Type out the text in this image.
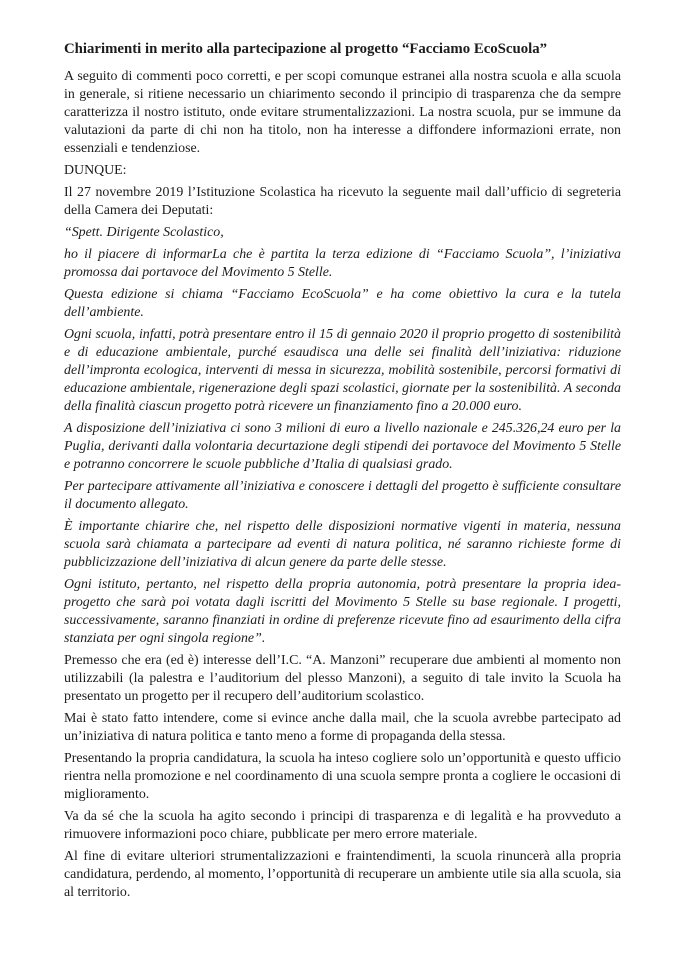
Chiarimenti in merito alla partecipazione al progetto “Facciamo EcoScuola”

A seguito di commenti poco corretti, e per scopi comunque estranei alla nostra scuola e alla scuola in generale, si ritiene necessario un chiarimento secondo il principio di trasparenza che da sempre caratterizza il nostro istituto, onde evitare strumentalizzazioni. La nostra scuola, pur se immune da valutazioni da parte di chi non ha titolo, non ha interesse a diffondere informazioni errate, non essenziali e tendenziose.

DUNQUE:

Il 27 novembre 2019 l’Istituzione Scolastica ha ricevuto la seguente mail dall’ufficio di segreteria della Camera dei Deputati:

“Spett. Dirigente Scolastico,

ho il piacere di informarLa che è partita la terza edizione di “Facciamo Scuola”, l’iniziativa promossa dai portavoce del Movimento 5 Stelle.

Questa edizione si chiama “Facciamo EcoScuola” e ha come obiettivo la cura e la tutela dell’ambiente.

Ogni scuola, infatti, potrà presentare entro il 15 di gennaio 2020 il proprio progetto di sostenibilità e di educazione ambientale, purché esaudisca una delle sei finalità dell’iniziativa: riduzione dell’impronta ecologica, interventi di messa in sicurezza, mobilità sostenibile, percorsi formativi di educazione ambientale, rigenerazione degli spazi scolastici, giornate per la sostenibilità. A seconda della finalità ciascun progetto potrà ricevere un finanziamento fino a 20.000 euro.

A disposizione dell’iniziativa ci sono 3 milioni di euro a livello nazionale e 245.326,24 euro per la Puglia, derivanti dalla volontaria decurtazione degli stipendi dei portavoce del Movimento 5 Stelle e potranno concorrere le scuole pubbliche d’Italia di qualsiasi grado.

Per partecipare attivamente all’iniziativa e conoscere i dettagli del progetto è sufficiente consultare il documento allegato.

È importante chiarire che, nel rispetto delle disposizioni normative vigenti in materia, nessuna scuola sarà chiamata a partecipare ad eventi di natura politica, né saranno richieste forme di pubblicizzazione dell’iniziativa di alcun genere da parte delle stesse.

Ogni istituto, pertanto, nel rispetto della propria autonomia, potrà presentare la propria idea-progetto che sarà poi votata dagli iscritti del Movimento 5 Stelle su base regionale. I progetti, successivamente, saranno finanziati in ordine di preferenze ricevute fino ad esaurimento della cifra stanziata per ogni singola regione”.

Premesso che era (ed è) interesse dell’I.C. “A. Manzoni” recuperare due ambienti al momento non utilizzabili (la palestra e l’auditorium del plesso Manzoni), a seguito di tale invito la Scuola ha presentato un progetto per il recupero dell’auditorium scolastico.

Mai è stato fatto intendere, come si evince anche dalla mail, che la scuola avrebbe partecipato ad un’iniziativa di natura politica e tanto meno a forme di propaganda della stessa.

Presentando la propria candidatura, la scuola ha inteso cogliere solo un’opportunità e questo ufficio rientra nella promozione e nel coordinamento di una scuola sempre pronta a cogliere le occasioni di miglioramento.

Va da sé che la scuola ha agito secondo i principi di trasparenza e di legalità e ha provveduto a rimuovere informazioni poco chiare, pubblicate per mero errore materiale.

Al fine di evitare ulteriori strumentalizzazioni e fraintendimenti, la scuola rinuncerà alla propria candidatura, perdendo, al momento, l’opportunità di recuperare un ambiente utile sia alla scuola, sia al territorio.
